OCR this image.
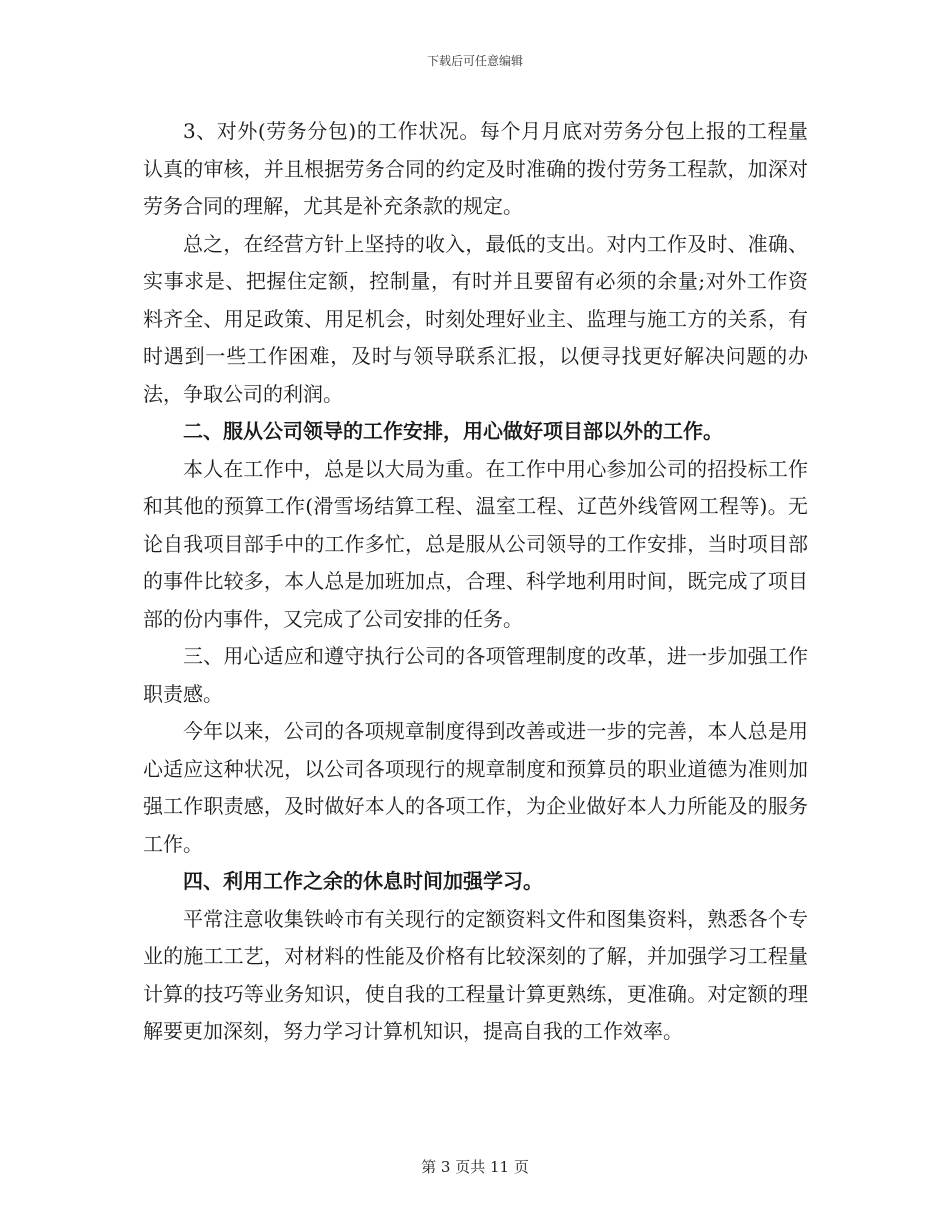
下载后可任意编辑

3、对外(劳务分包)的工作状况。每个月月底对劳务分包上报的工程量认真的审核，并且根据劳务合同的约定及时准确的拨付劳务工程款，加深对劳务合同的理解，尤其是补充条款的规定。

总之，在经营方针上坚持的收入，最低的支出。对内工作及时、准确、实事求是、把握住定额，控制量，有时并且要留有必须的余量;对外工作资料齐全、用足政策、用足机会，时刻处理好业主、监理与施工方的关系，有时遇到一些工作困难，及时与领导联系汇报，以便寻找更好解决问题的办法，争取公司的利润。

二、服从公司领导的工作安排，用心做好项目部以外的工作。

本人在工作中，总是以大局为重。在工作中用心参加公司的招投标工作和其他的预算工作(滑雪场结算工程、温室工程、辽芭外线管网工程等)。无论自我项目部手中的工作多忙，总是服从公司领导的工作安排，当时项目部的事件比较多，本人总是加班加点，合理、科学地利用时间，既完成了项目部的份内事件，又完成了公司安排的任务。

三、用心适应和遵守执行公司的各项管理制度的改革，进一步加强工作职责感。

今年以来，公司的各项规章制度得到改善或进一步的完善，本人总是用心适应这种状况，以公司各项现行的规章制度和预算员的职业道德为准则加强工作职责感，及时做好本人的各项工作，为企业做好本人力所能及的服务工作。

四、利用工作之余的休息时间加强学习。

平常注意收集铁岭市有关现行的定额资料文件和图集资料，熟悉各个专业的施工工艺，对材料的性能及价格有比较深刻的了解，并加强学习工程量计算的技巧等业务知识，使自我的工程量计算更熟练，更准确。对定额的理解要更加深刻，努力学习计算机知识，提高自我的工作效率。

第 3 页共 11 页
